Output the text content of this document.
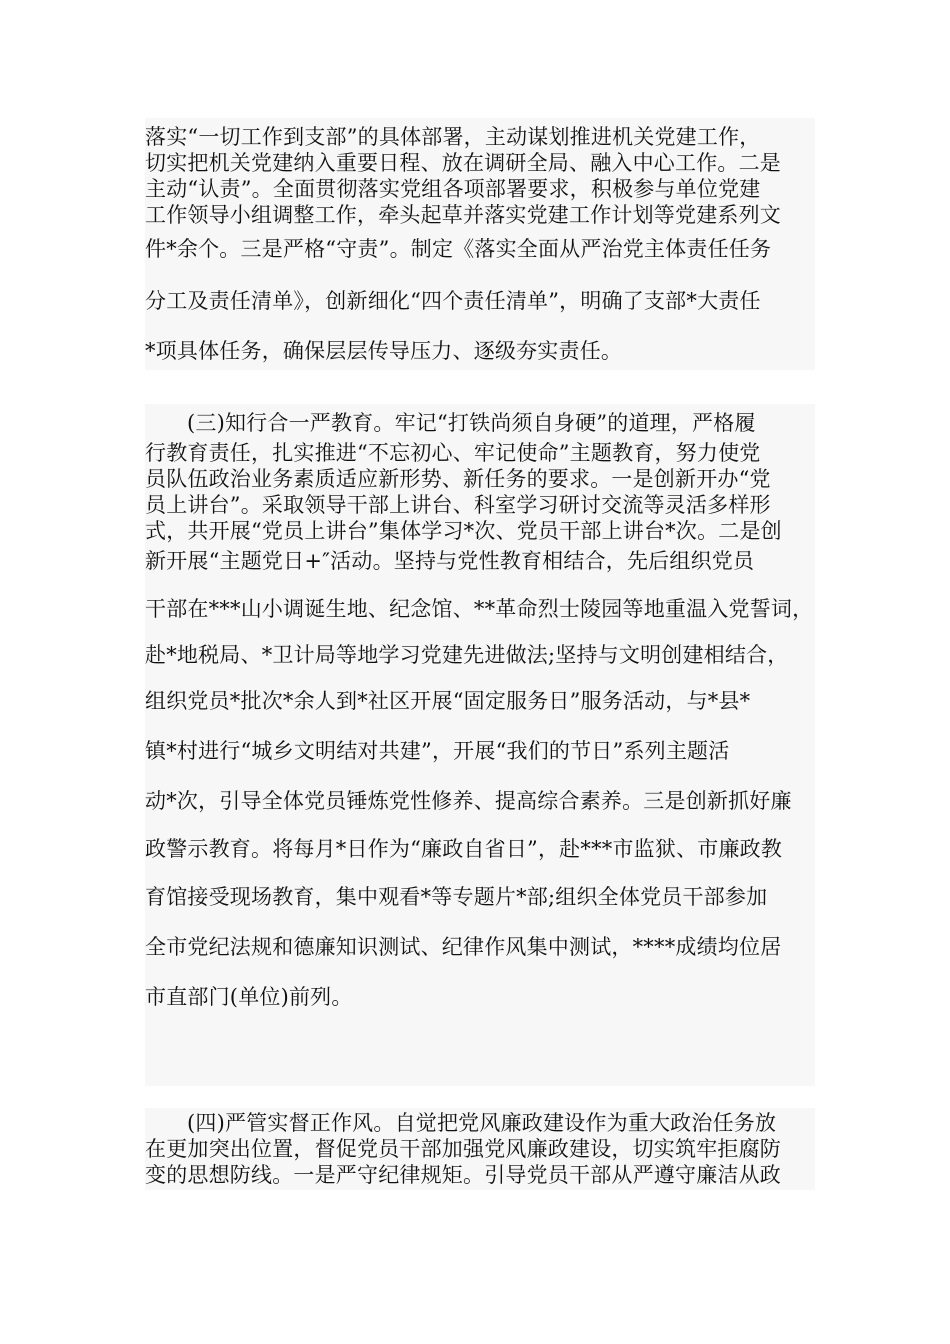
落实“一切工作到支部”的具体部署，主动谋划推进机关党建工作，
切实把机关党建纳入重要日程、放在调研全局、融入中心工作。二是
主动“认责”。全面贯彻落实党组各项部署要求，积极参与单位党建
工作领导小组调整工作，牵头起草并落实党建工作计划等党建系列文
件*余个。三是严格“守责”。制定《落实全面从严治党主体责任任务
分工及责任清单》，创新细化“四个责任清单”，明确了支部*大责任
*项具体任务，确保层层传导压力、逐级夯实责任。
(三)知行合一严教育。牢记“打铁尚须自身硬”的道理，严格履
行教育责任，扎实推进“不忘初心、牢记使命”主题教育，努力使党
员队伍政治业务素质适应新形势、新任务的要求。一是创新开办“党
员上讲台”。采取领导干部上讲台、科室学习研讨交流等灵活多样形
式，共开展“党员上讲台”集体学习*次、党员干部上讲台*次。二是创
新开展“主题党日+″活动。坚持与党性教育相结合，先后组织党员
干部在***山小调诞生地、纪念馆、**革命烈士陵园等地重温入党誓词，
赴*地税局、*卫计局等地学习党建先进做法;坚持与文明创建相结合，
组织党员*批次*余人到*社区开展“固定服务日”服务活动，与*县*
镇*村进行“城乡文明结对共建”，开展“我们的节日”系列主题活
动*次，引导全体党员锤炼党性修养、提高综合素养。三是创新抓好廉
政警示教育。将每月*日作为“廉政自省日”，赴***市监狱、市廉政教
育馆接受现场教育，集中观看*等专题片*部;组织全体党员干部参加
全市党纪法规和德廉知识测试、纪律作风集中测试，****成绩均位居
市直部门(单位)前列。
(四)严管实督正作风。自觉把党风廉政建设作为重大政治任务放
在更加突出位置，督促党员干部加强党风廉政建设，切实筑牢拒腐防
变的思想防线。一是严守纪律规矩。引导党员干部从严遵守廉洁从政
